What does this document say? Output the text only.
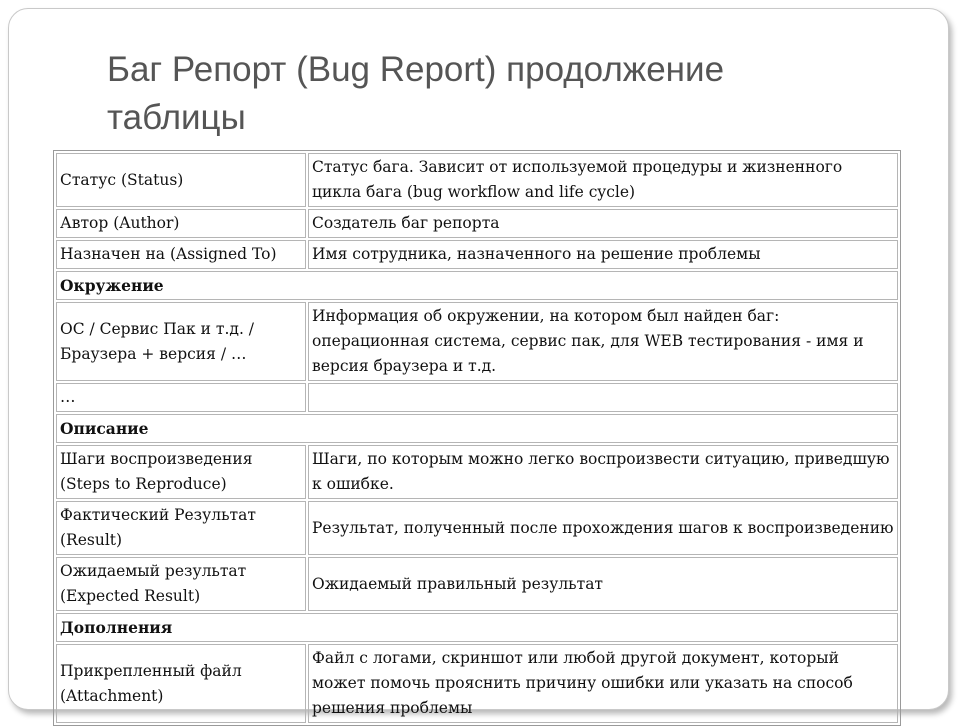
Баг Репорт (Bug Report) продолжение таблицы
Статус (Status)	Статус бага. Зависит от используемой процедуры и жизненного цикла бага (bug workflow and life cycle)
Автор (Author)	Создатель баг репорта
Назначен на (Assigned To)	Имя сотрудника, назначенного на решение проблемы
Окружение	
ОС / Сервис Пак и т.д. / Браузера + версия / …	Информация об окружении, на котором был найден баг: операционная система, сервис пак, для WEB тестирования - имя и версия браузера и т.д.
…	
Описание	
Шаги воспроизведения (Steps to Reproduce)	Шаги, по которым можно легко воспроизвести ситуацию, приведшую к ошибке.
Фактический Результат (Result)	Результат, полученный после прохождения шагов к воспроизведению
Ожидаемый результат (Expected Result)	Ожидаемый правильный результат
Дополнения	
Прикрепленный файл (Attachment)	Файл с логами, скриншот или любой другой документ, который может помочь прояснить причину ошибки или указать на способ решения проблемы
